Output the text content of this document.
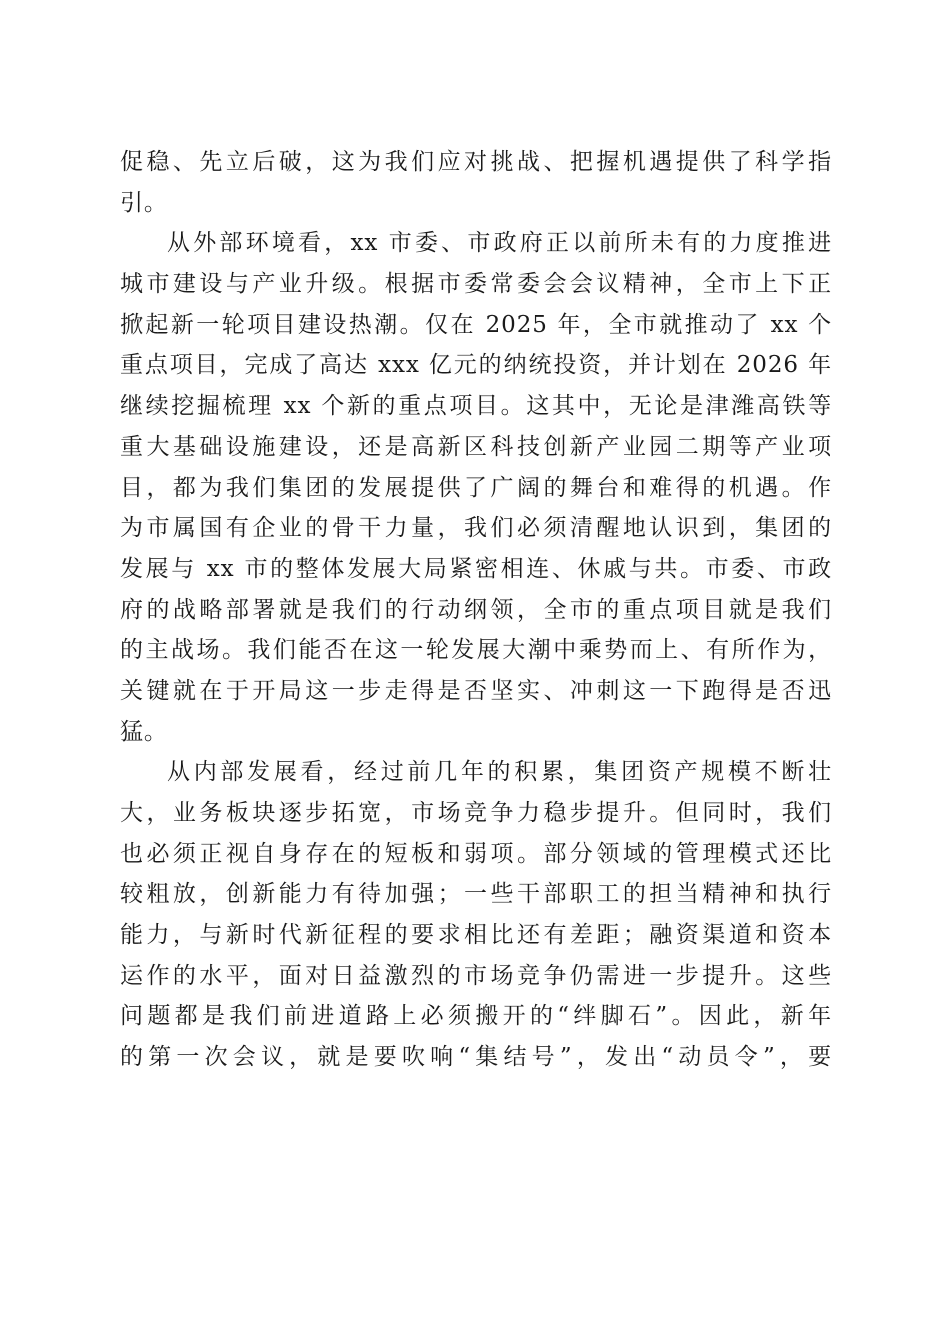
促稳、先立后破，这为我们应对挑战、把握机遇提供了科学指
引。
从外部环境看，xx 市委、市政府正以前所未有的力度推进
城市建设与产业升级。根据市委常委会会议精神，全市上下正
掀起新一轮项目建设热潮。仅在 2025 年，全市就推动了 xx 个
重点项目，完成了高达 xxx 亿元的纳统投资，并计划在 2026 年
继续挖掘梳理 xx 个新的重点项目。这其中，无论是津潍高铁等
重大基础设施建设，还是高新区科技创新产业园二期等产业项
目，都为我们集团的发展提供了广阔的舞台和难得的机遇。作
为市属国有企业的骨干力量，我们必须清醒地认识到，集团的
发展与 xx 市的整体发展大局紧密相连、休戚与共。市委、市政
府的战略部署就是我们的行动纲领，全市的重点项目就是我们
的主战场。我们能否在这一轮发展大潮中乘势而上、有所作为，
关键就在于开局这一步走得是否坚实、冲刺这一下跑得是否迅
猛。
从内部发展看，经过前几年的积累，集团资产规模不断壮
大，业务板块逐步拓宽，市场竞争力稳步提升。但同时，我们
也必须正视自身存在的短板和弱项。部分领域的管理模式还比
较粗放，创新能力有待加强；一些干部职工的担当精神和执行
能力，与新时代新征程的要求相比还有差距；融资渠道和资本
运作的水平，面对日益激烈的市场竞争仍需进一步提升。这些
问题都是我们前进道路上必须搬开的“绊脚石”。因此，新年
的第一次会议，就是要吹响“集结号”，发出“动员令”，要
